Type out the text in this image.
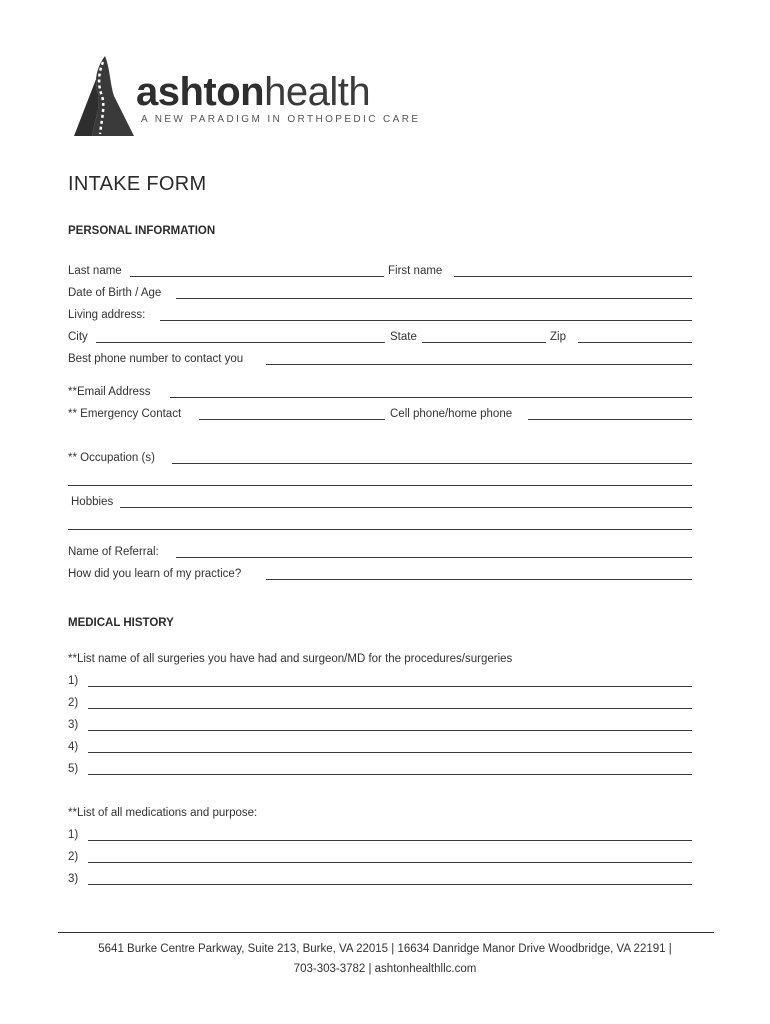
ashtonhealth
A NEW PARADIGM IN ORTHOPEDIC CARE
INTAKE FORM
PERSONAL INFORMATION
Last name	First name
Date of Birth / Age
Living address:
City	State	Zip
Best phone number to contact you
**Email Address
** Emergency Contact	Cell phone/home phone
** Occupation (s)
Hobbies
Name of Referral:
How did you learn of my practice?
MEDICAL HISTORY
**List name of all surgeries you have had and surgeon/MD for the procedures/surgeries
1)
2)
3)
4)
5)
**List of all medications and purpose:
1)
2)
3)
5641 Burke Centre Parkway, Suite 213, Burke, VA 22015 | 16634 Danridge Manor Drive Woodbridge, VA 22191 |
703-303-3782 | ashtonhealthllc.com
